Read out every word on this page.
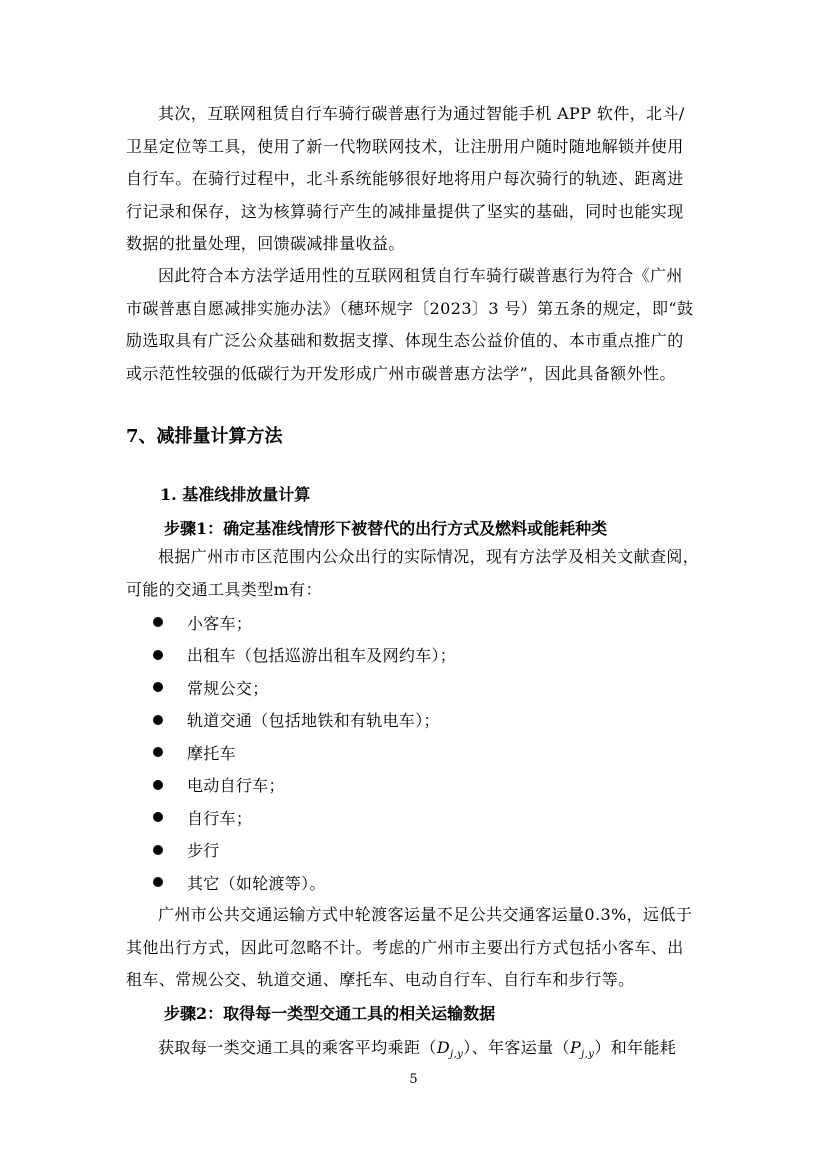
其次，互联网租赁自行车骑行碳普惠行为通过智能手机 APP 软件，北斗/
卫星定位等工具，使用了新一代物联网技术，让注册用户随时随地解锁并使用
自行车。在骑行过程中，北斗系统能够很好地将用户每次骑行的轨迹、距离进
行记录和保存，这为核算骑行产生的减排量提供了坚实的基础，同时也能实现
数据的批量处理，回馈碳减排量收益。

因此符合本方法学适用性的互联网租赁自行车骑行碳普惠行为符合《广州
市碳普惠自愿减排实施办法》（穗环规字〔2023〕3 号）第五条的规定，即“鼓
励选取具有广泛公众基础和数据支撑、体现生态公益价值的、本市重点推广的
或示范性较强的低碳行为开发形成广州市碳普惠方法学”，因此具备额外性。

7、减排量计算方法
1. 基准线排放量计算

步骤1：确定基准线情形下被替代的出行方式及燃料或能耗种类

根据广州市市区范围内公众出行的实际情况，现有方法学及相关文献查阅，
可能的交通工具类型m有：

小客车；
出租车（包括巡游出租车及网约车）；
常规公交；
轨道交通（包括地铁和有轨电车）；
摩托车
电动自行车；
自行车；
步行
其它（如轮渡等）。

广州市公共交通运输方式中轮渡客运量不足公共交通客运量0.3%，远低于
其他出行方式，因此可忽略不计。考虑的广州市主要出行方式包括小客车、出
租车、常规公交、轨道交通、摩托车、电动自行车、自行车和步行等。

步骤2：取得每一类型交通工具的相关运输数据

获取每一类交通工具的乘客平均乘距$(D_{j,y})$、年客运量$(P_{j,y})$和年能耗

5
